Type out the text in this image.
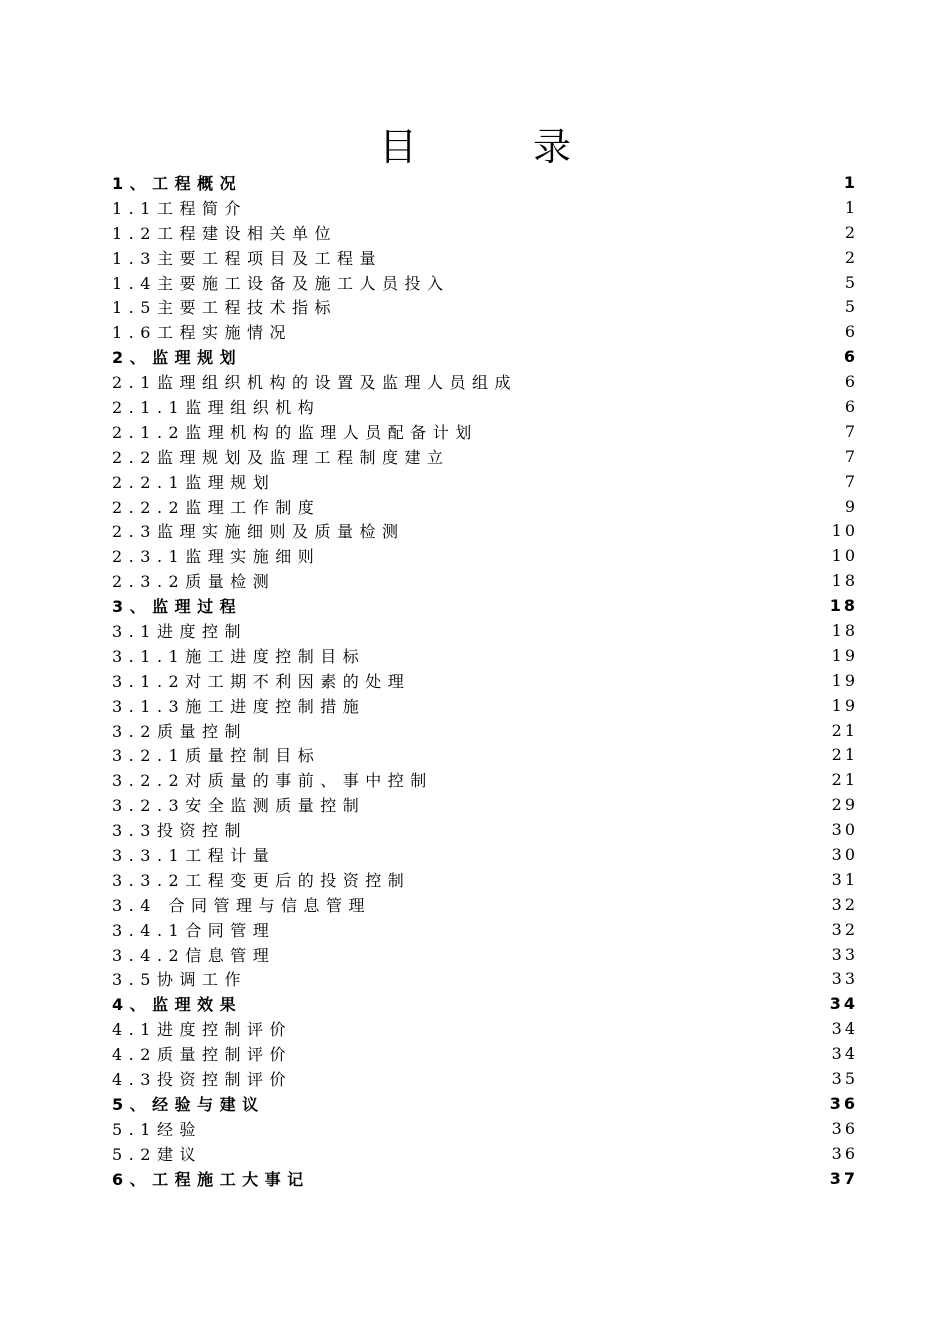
目 录
1、工程概况	1
1.1工程简介	1
1.2工程建设相关单位	2
1.3主要工程项目及工程量	2
1.4主要施工设备及施工人员投入	5
1.5主要工程技术指标	5
1.6工程实施情况	6
2、监理规划	6
2.1监理组织机构的设置及监理人员组成	6
2.1.1监理组织机构	6
2.1.2监理机构的监理人员配备计划	7
2.2监理规划及监理工程制度建立	7
2.2.1监理规划	7
2.2.2监理工作制度	9
2.3监理实施细则及质量检测	10
2.3.1监理实施细则	10
2.3.2质量检测	18
3、监理过程	18
3.1进度控制	18
3.1.1施工进度控制目标	19
3.1.2对工期不利因素的处理	19
3.1.3施工进度控制措施	19
3.2质量控制	21
3.2.1质量控制目标	21
3.2.2对质量的事前、事中控制	21
3.2.3安全监测质量控制	29
3.3投资控制	30
3.3.1工程计量	30
3.3.2工程变更后的投资控制	31
3.4 合同管理与信息管理	32
3.4.1合同管理	32
3.4.2信息管理	33
3.5协调工作	33
4、监理效果	34
4.1进度控制评价	34
4.2质量控制评价	34
4.3投资控制评价	35
5、经验与建议	36
5.1经验	36
5.2建议	36
6、工程施工大事记	37
